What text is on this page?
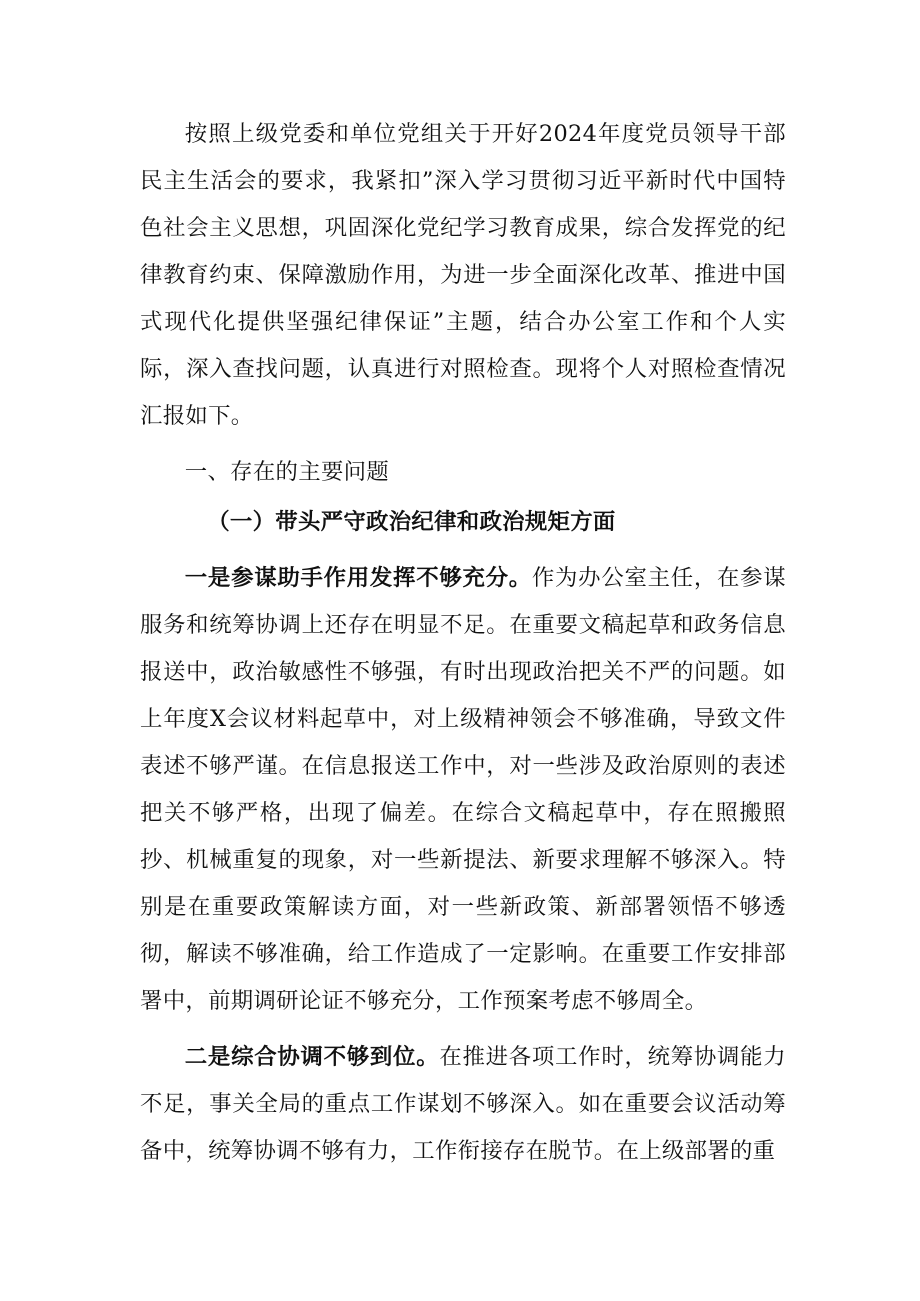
按照上级党委和单位党组关于开好2024年度党员领导干部民主生活会的要求，我紧扣”深入学习贯彻习近平新时代中国特色社会主义思想，巩固深化党纪学习教育成果，综合发挥党的纪律教育约束、保障激励作用，为进一步全面深化改革、推进中国式现代化提供坚强纪律保证”主题，结合办公室工作和个人实际，深入查找问题，认真进行对照检查。现将个人对照检查情况汇报如下。

一、存在的主要问题

（一）带头严守政治纪律和政治规矩方面

一是参谋助手作用发挥不够充分。作为办公室主任，在参谋服务和统筹协调上还存在明显不足。在重要文稿起草和政务信息报送中，政治敏感性不够强，有时出现政治把关不严的问题。如上年度X会议材料起草中，对上级精神领会不够准确，导致文件表述不够严谨。在信息报送工作中，对一些涉及政治原则的表述把关不够严格，出现了偏差。在综合文稿起草中，存在照搬照抄、机械重复的现象，对一些新提法、新要求理解不够深入。特别是在重要政策解读方面，对一些新政策、新部署领悟不够透彻，解读不够准确，给工作造成了一定影响。在重要工作安排部署中，前期调研论证不够充分，工作预案考虑不够周全。

二是综合协调不够到位。在推进各项工作时，统筹协调能力不足，事关全局的重点工作谋划不够深入。如在重要会议活动筹备中，统筹协调不够有力，工作衔接存在脱节。在上级部署的重
